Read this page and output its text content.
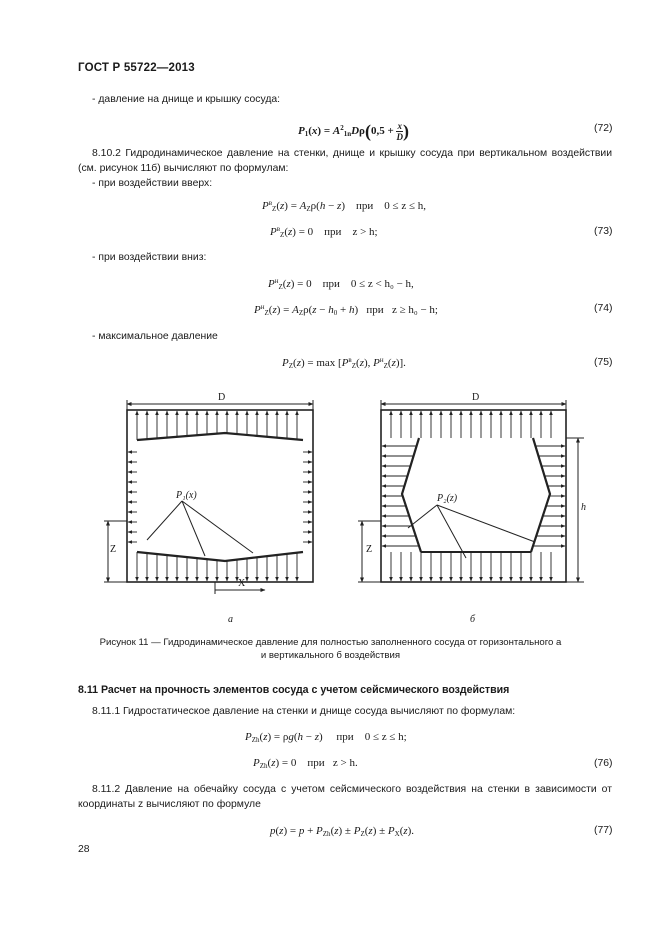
ГОСТ Р 55722—2013
- давление на днище и крышку сосуда:
$P_1(x) = A^2_{1n}D\rho(0,5 + \frac{x}{D}$ )	(72)
8.10.2 Гидродинамическое давление на стенки, днище и крышку сосуда при вертикальном воздействии (см. рисунок 11б) вычисляют по формулам:
- при воздействии вверх:
$P^в_Z(z) = A_Z\rho(h - z)$    при 0 ≤ z ≤ h,
$P^в_Z(z) = 0$    при z > h;	(73)
- при воздействии вниз:
$P^н_Z(z) = 0$    при 0 ≤ z < h₀ − h,
$P^н_Z(z) = A_Z\rho(z - h_0 + h)$   при z ≥ h₀ − h;	(74)
- максимальное давление
$P_Z(z) = \max [P^в_Z(z)$, $P^н_Z(z)$].	(75)
D
P₁(x)
Z
X
а
D
P₂(z)
Z
h
б
Рисунок 11 — Гидродинамическое давление для полностью заполненного сосуда от горизонтального а
и вертикального б воздействия
8.11 Расчет на прочность элементов сосуда с учетом сейсмического воздействия
8.11.1 Гидростатическое давление на стенки и днище сосуда вычисляют по формулам:
$P_{Zh}(z) = \rho g(h - z)$     при 0 ≤ z ≤ h;
$P_{Zh}(z) = 0$    при z > h.	(76)
8.11.2 Давление на обечайку сосуда с учетом сейсмического воздействия на стенки в зависимости от координаты z вычисляют по формуле
$p(z) = p + P_{Zh}(z) \pm P_Z(z) \pm P_X(z)$.	(77)
28
